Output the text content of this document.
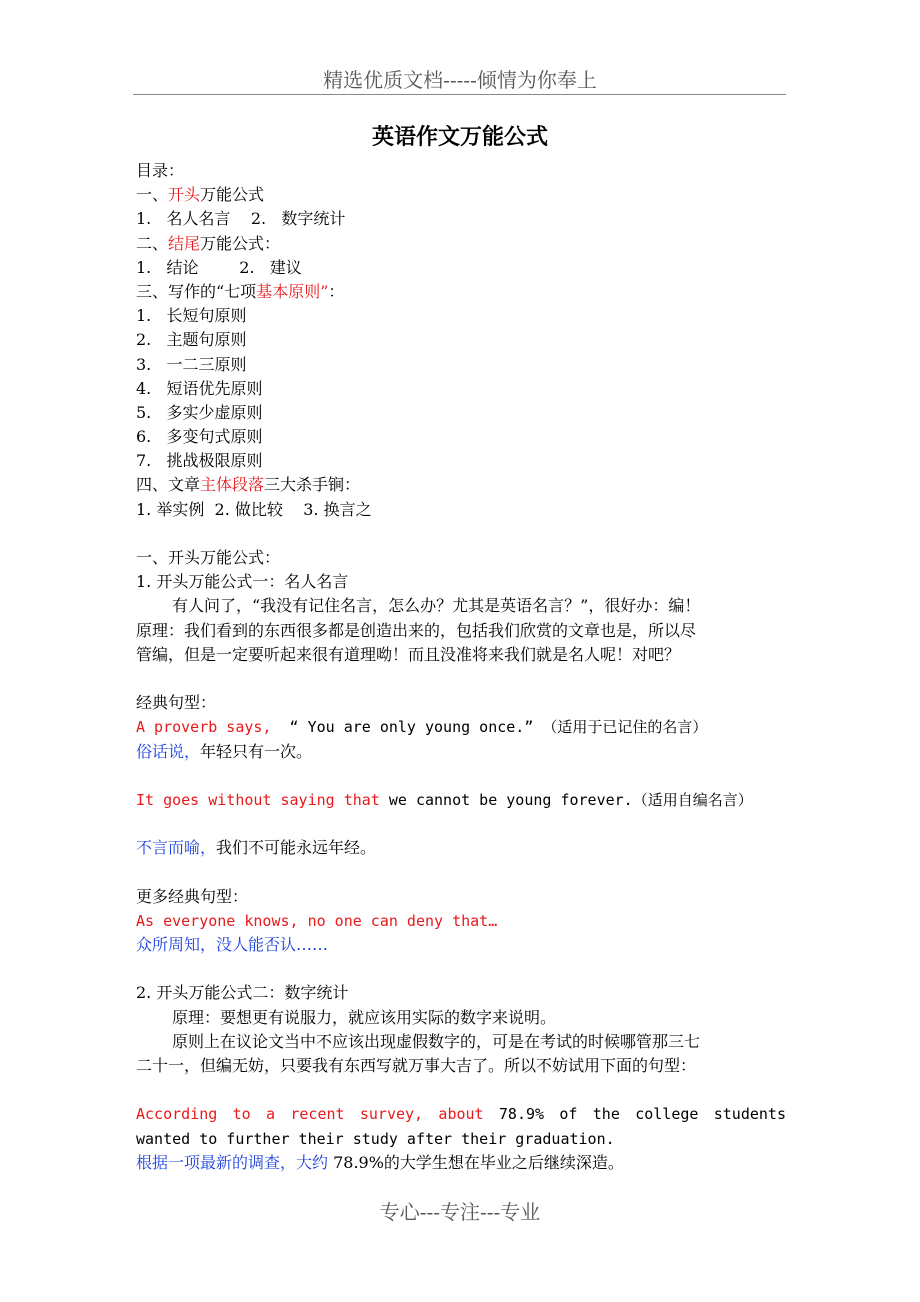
精选优质文档-----倾情为你奉上
英语作文万能公式
目录：
一、开头万能公式
1.   名人名言    2.   数字统计
二、结尾万能公式：
1.   结论        2.   建议
三、写作的“七项基本原则”：
1.   长短句原则
2.   主题句原则
3.   一二三原则
4.   短语优先原则
5.   多实少虚原则
6.   多变句式原则
7.   挑战极限原则
四、文章主体段落三大杀手锏：
1. 举实例  2. 做比较    3. 换言之
一、开头万能公式：
1. 开头万能公式一：名人名言
有人问了，“我没有记住名言，怎么办？尤其是英语名言？”，很好办：编！
原理：我们看到的东西很多都是创造出来的，包括我们欣赏的文章也是，所以尽
管编，但是一定要听起来很有道理呦！而且没准将来我们就是名人呢！对吧？
经典句型：
A proverb says,  “ You are only young once.” （适用于已记住的名言）
俗话说，年轻只有一次。
It goes without saying that we cannot be young forever.（适用自编名言）
不言而喻，我们不可能永远年经。
更多经典句型：
As everyone knows, no one can deny that…
众所周知，没人能否认……
2. 开头万能公式二：数字统计
原理：要想更有说服力，就应该用实际的数字来说明。
原则上在议论文当中不应该出现虚假数字的，可是在考试的时候哪管那三七
二十一，但编无妨，只要我有东西写就万事大吉了。所以不妨试用下面的句型：
According to a recent survey, about 78.9% of the college students
wanted to further their study after their graduation.
根据一项最新的调查，大约 78.9%的大学生想在毕业之后继续深造。
专心---专注---专业
